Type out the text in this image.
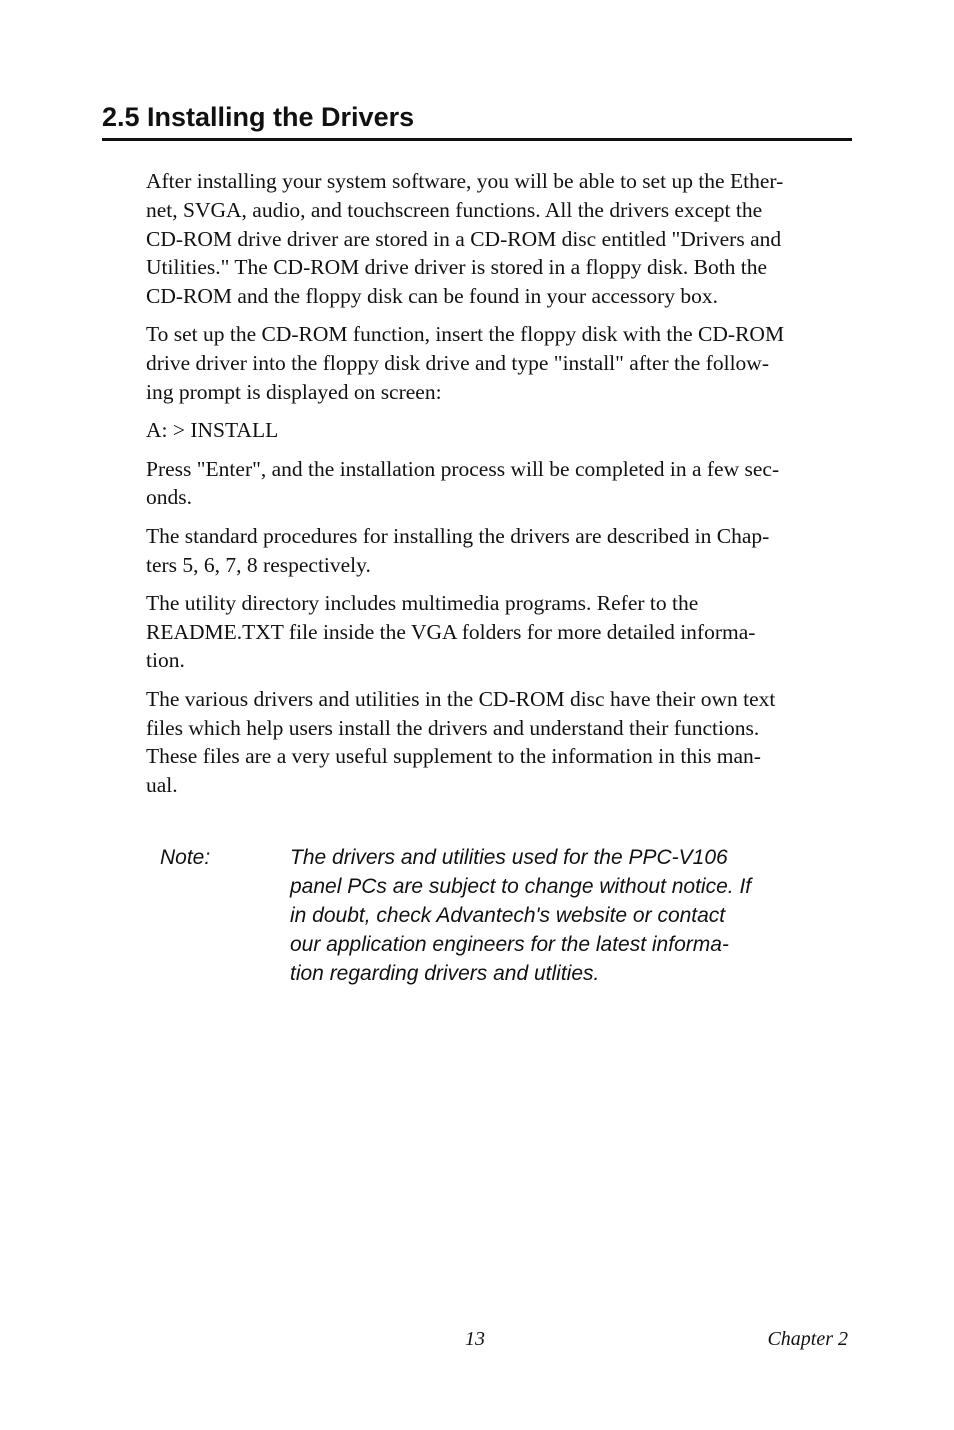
2.5 Installing the Drivers

After installing your system software, you will be able to set up the Ether-
net, SVGA, audio, and touchscreen functions. All the drivers except the
CD-ROM drive driver are stored in a CD-ROM disc entitled "Drivers and
Utilities." The CD-ROM drive driver is stored in a floppy disk. Both the
CD-ROM and the floppy disk can be found in your accessory box.

To set up the CD-ROM function, insert the floppy disk with the CD-ROM
drive driver into the floppy disk drive and type "install" after the follow-
ing prompt is displayed on screen:

A: > INSTALL

Press "Enter", and the installation process will be completed in a few sec-
onds.

The standard procedures for installing the drivers are described in Chap-
ters 5, 6, 7, 8 respectively.

The utility directory includes multimedia programs. Refer to the
README.TXT file inside the VGA folders for more detailed informa-
tion.

The various drivers and utilities in the CD-ROM disc have their own text
files which help users install the drivers and understand their functions.
These files are a very useful supplement to the information in this man-
ual.

Note:	The drivers and utilities used for the PPC-V106
panel PCs are subject to change without notice. If
in doubt, check Advantech's website or contact
our application engineers for the latest informa-
tion regarding drivers and utlities.
13	Chapter 2
